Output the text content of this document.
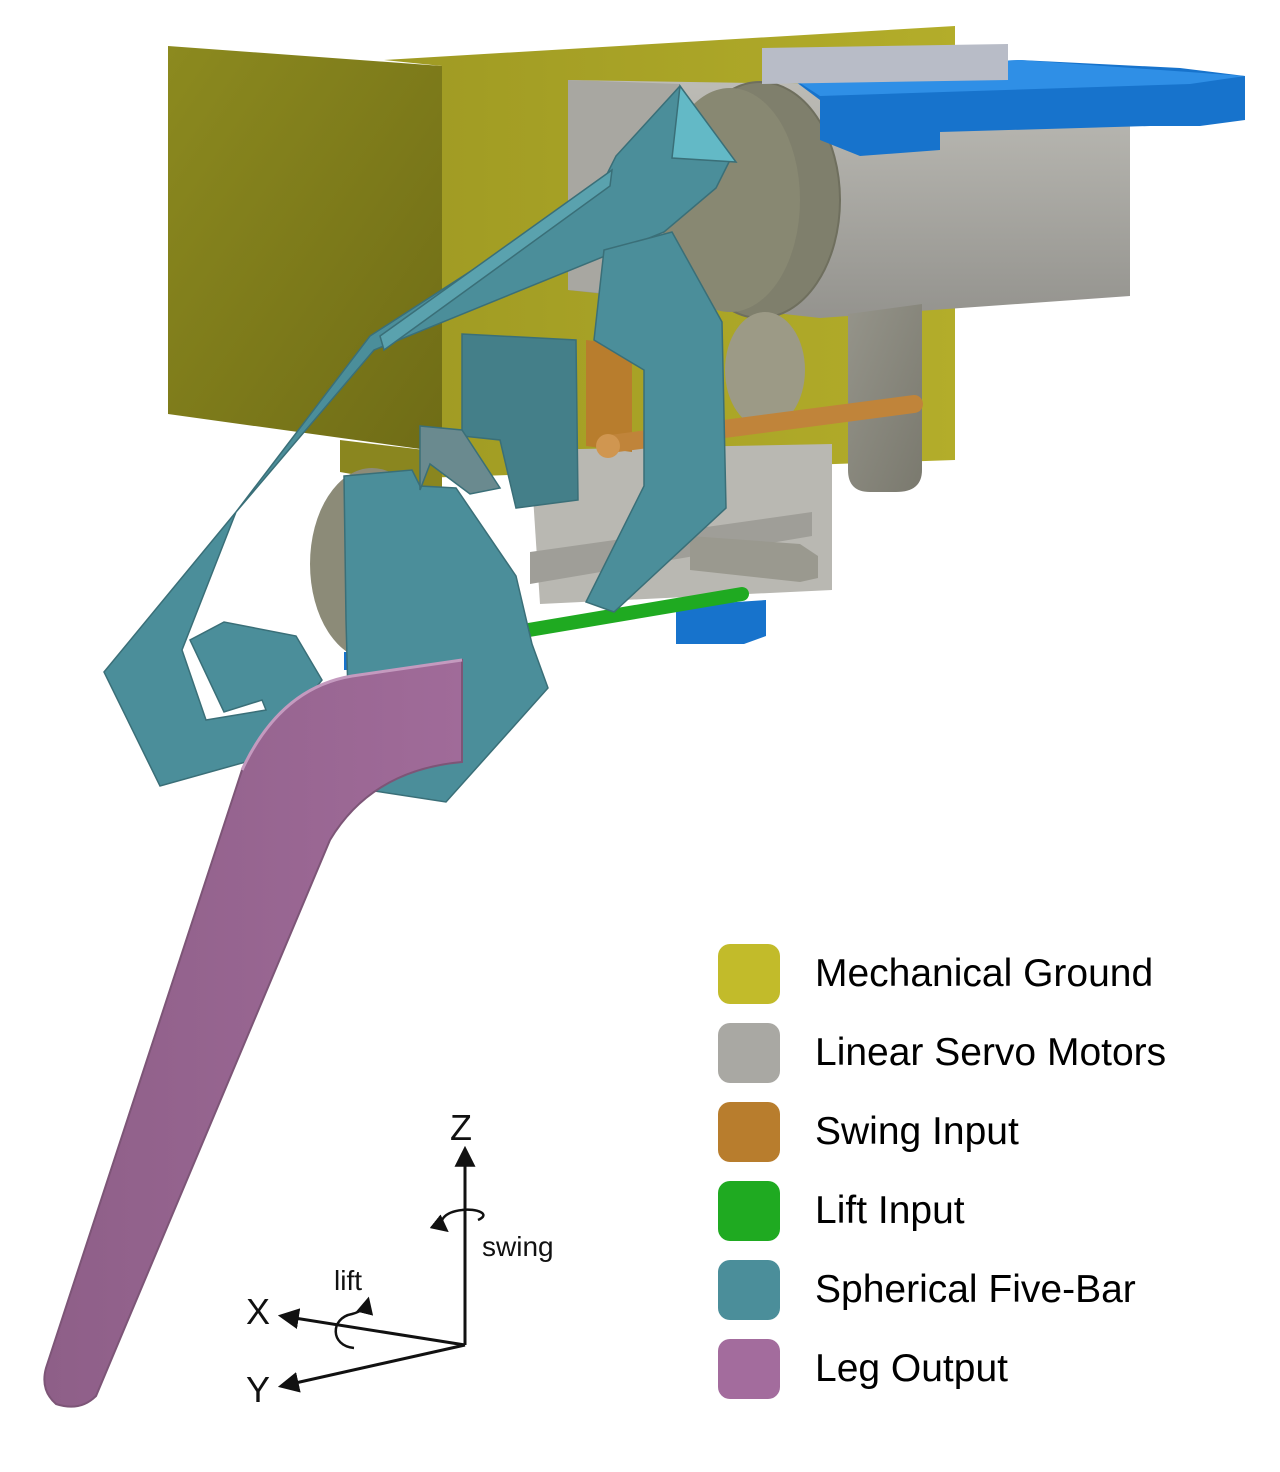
Z
X
Y
swing
lift
Mechanical Ground
Linear Servo Motors
Swing Input
Lift Input
Spherical Five-Bar
Leg Output
